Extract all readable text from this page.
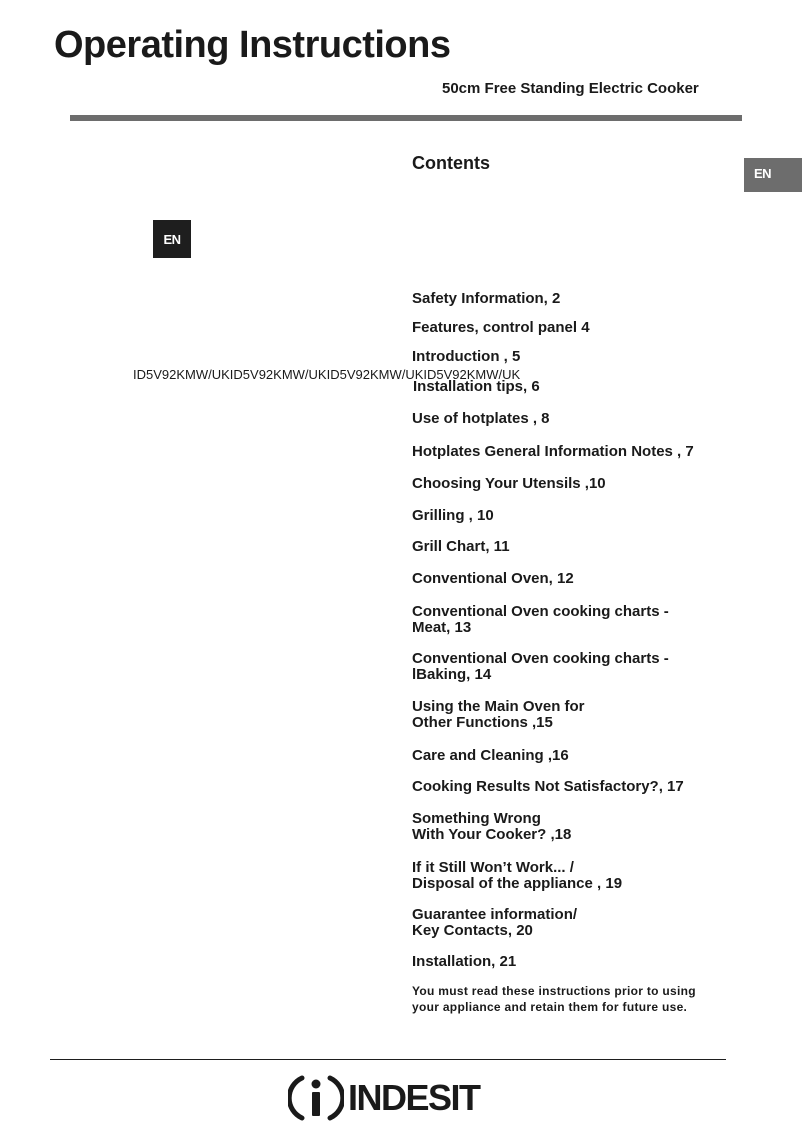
Operating Instructions
50cm Free Standing Electric Cooker
EN
EN
Contents
ID5V92KMW/UKID5V92KMW/UKID5V92KMW/UKID5V92KMW/UK
Safety Information, 2
Features, control panel 4
Introduction , 5
Installation tips, 6
Use of hotplates , 8
Hotplates General Information Notes , 7
Choosing Your Utensils ,10
Grilling , 10
Grill Chart, 11
Conventional Oven, 12
Conventional Oven cooking charts -
Meat, 13
Conventional Oven cooking charts -
lBaking, 14
Using the Main Oven for
Other Functions ,15
Care and Cleaning ,16
Cooking Results Not Satisfactory?, 17
Something Wrong
With Your Cooker? ,18
If it Still Won’t Work... /
Disposal of the appliance , 19
Guarantee information/
Key Contacts, 20
Installation, 21
You must read these instructions prior to using
your appliance and retain them for future use.
INDESIT
